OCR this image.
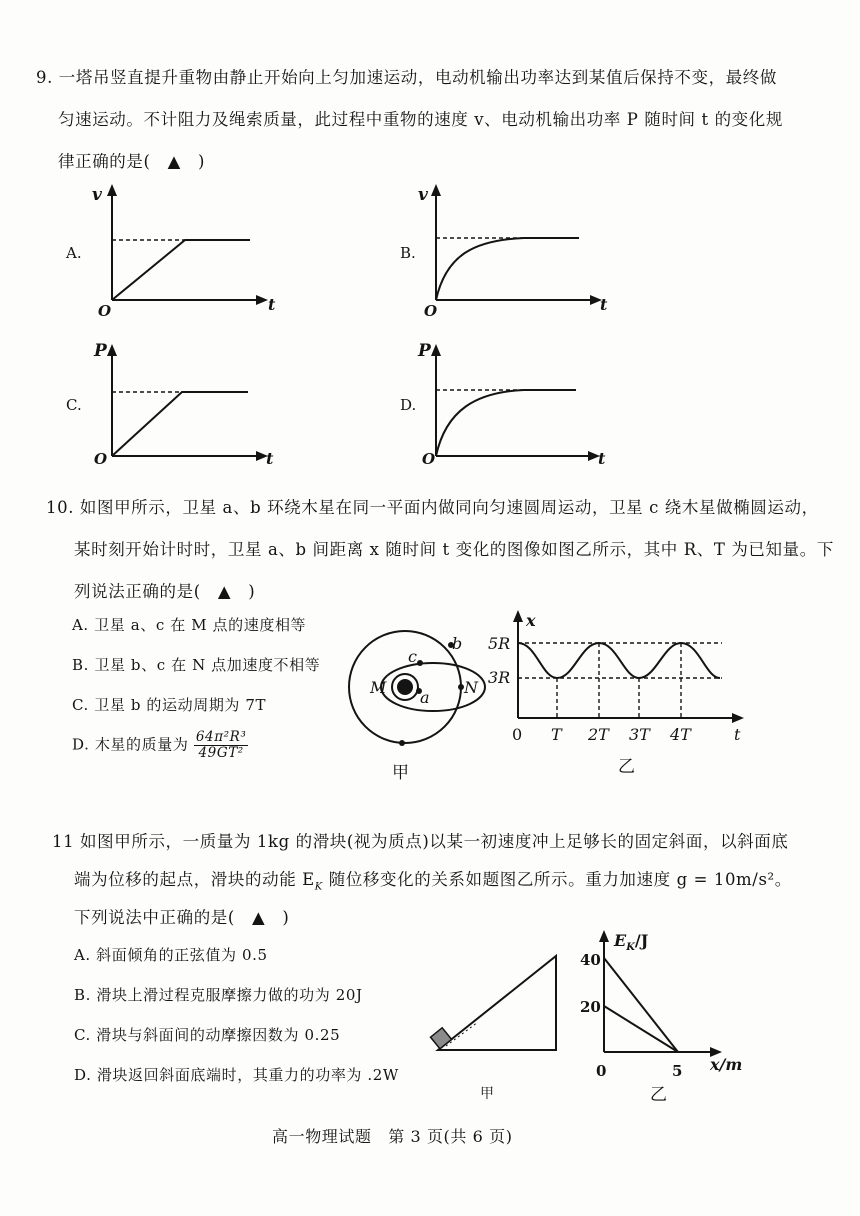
9. 一塔吊竖直提升重物由静止开始向上匀加速运动，电动机输出功率达到某值后保持不变，最终做
匀速运动。不计阻力及绳索质量，此过程中重物的速度 v、电动机输出功率 P 随时间 t 的变化规
律正确的是(　▲　)
A.
v
t
O
B.
v
t
O
C.
P
t
O
D.
P
t
O
10. 如图甲所示，卫星 a、b 环绕木星在同一平面内做同向匀速圆周运动，卫星 c 绕木星做椭圆运动，
某时刻开始计时时，卫星 a、b 间距离 x 随时间 t 变化的图像如图乙所示，其中 R、T 为已知量。下
列说法正确的是(　▲　)
A. 卫星 a、c 在 M 点的速度相等
B. 卫星 b、c 在 N 点加速度不相等
C. 卫星 b 的运动周期为 7T
D. 木星的质量为 $\frac{\text{64π²R³}}{\text{49GT²}}$
b
c
a
M	N
甲
x
5R
3R
0 T 2T 3T 4T	t
乙
11 如图甲所示，一质量为 1kg 的滑块(视为质点)以某一初速度冲上足够长的固定斜面，以斜面底
端为位移的起点，滑块的动能 $E_K$ 随位移变化的关系如题图乙所示。重力加速度 g = 10m/s²。
下列说法中正确的是(　▲　)
A. 斜面倾角的正弦值为 0.5
B. 滑块上滑过程克服摩擦力做的功为 20J
C. 滑块与斜面间的动摩擦因数为 0.25
D. 滑块返回斜面底端时，其重力的功率为 .2W
甲
$E_K/J$
40
20
0	5 x/m
乙
高一物理试题　第 3 页(共 6 页)
